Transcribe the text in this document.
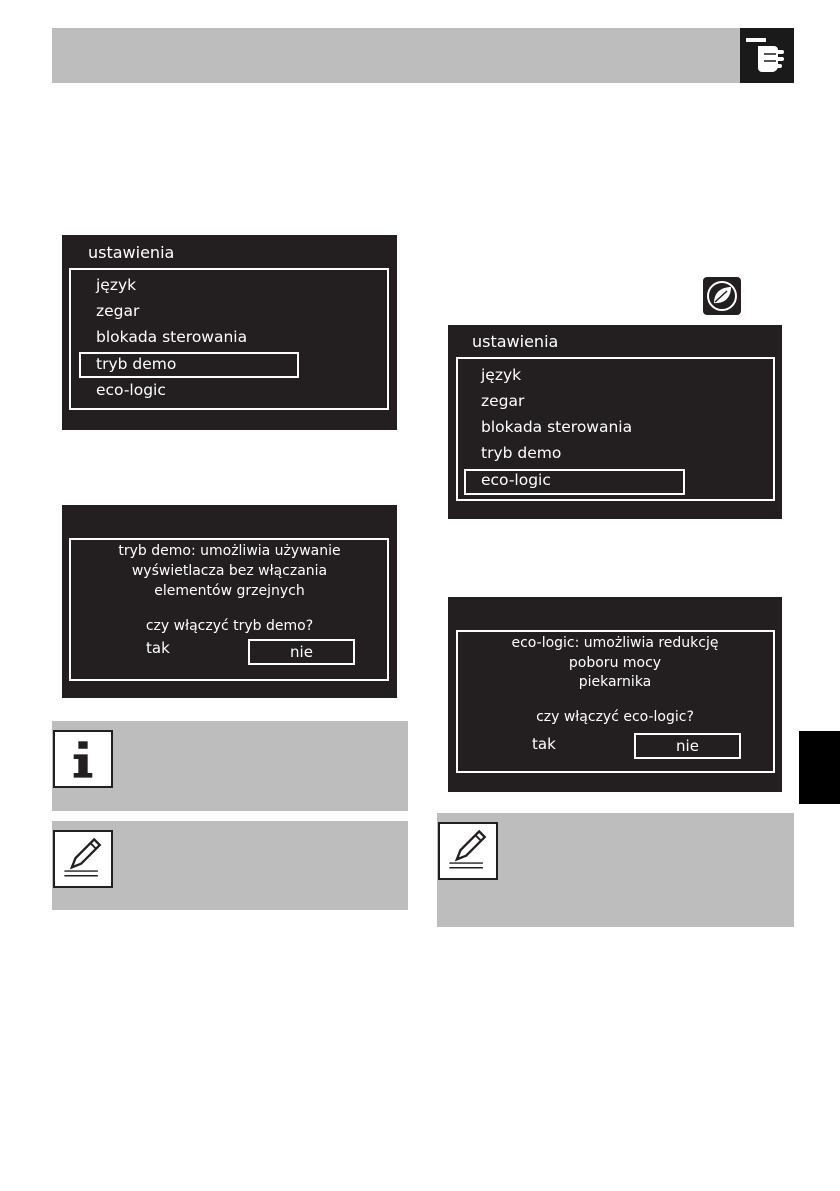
ustawienia
język
zegar
blokada sterowania
tryb demo
eco-logic
tryb demo: umożliwia używanie
wyświetlacza bez włączania
elementów grzejnych
czy włączyć tryb demo?
tak	nie
ustawienia
język
zegar
blokada sterowania
tryb demo
eco-logic
eco-logic: umożliwia redukcję
poboru mocy
piekarnika
czy włączyć eco-logic?
tak	nie
